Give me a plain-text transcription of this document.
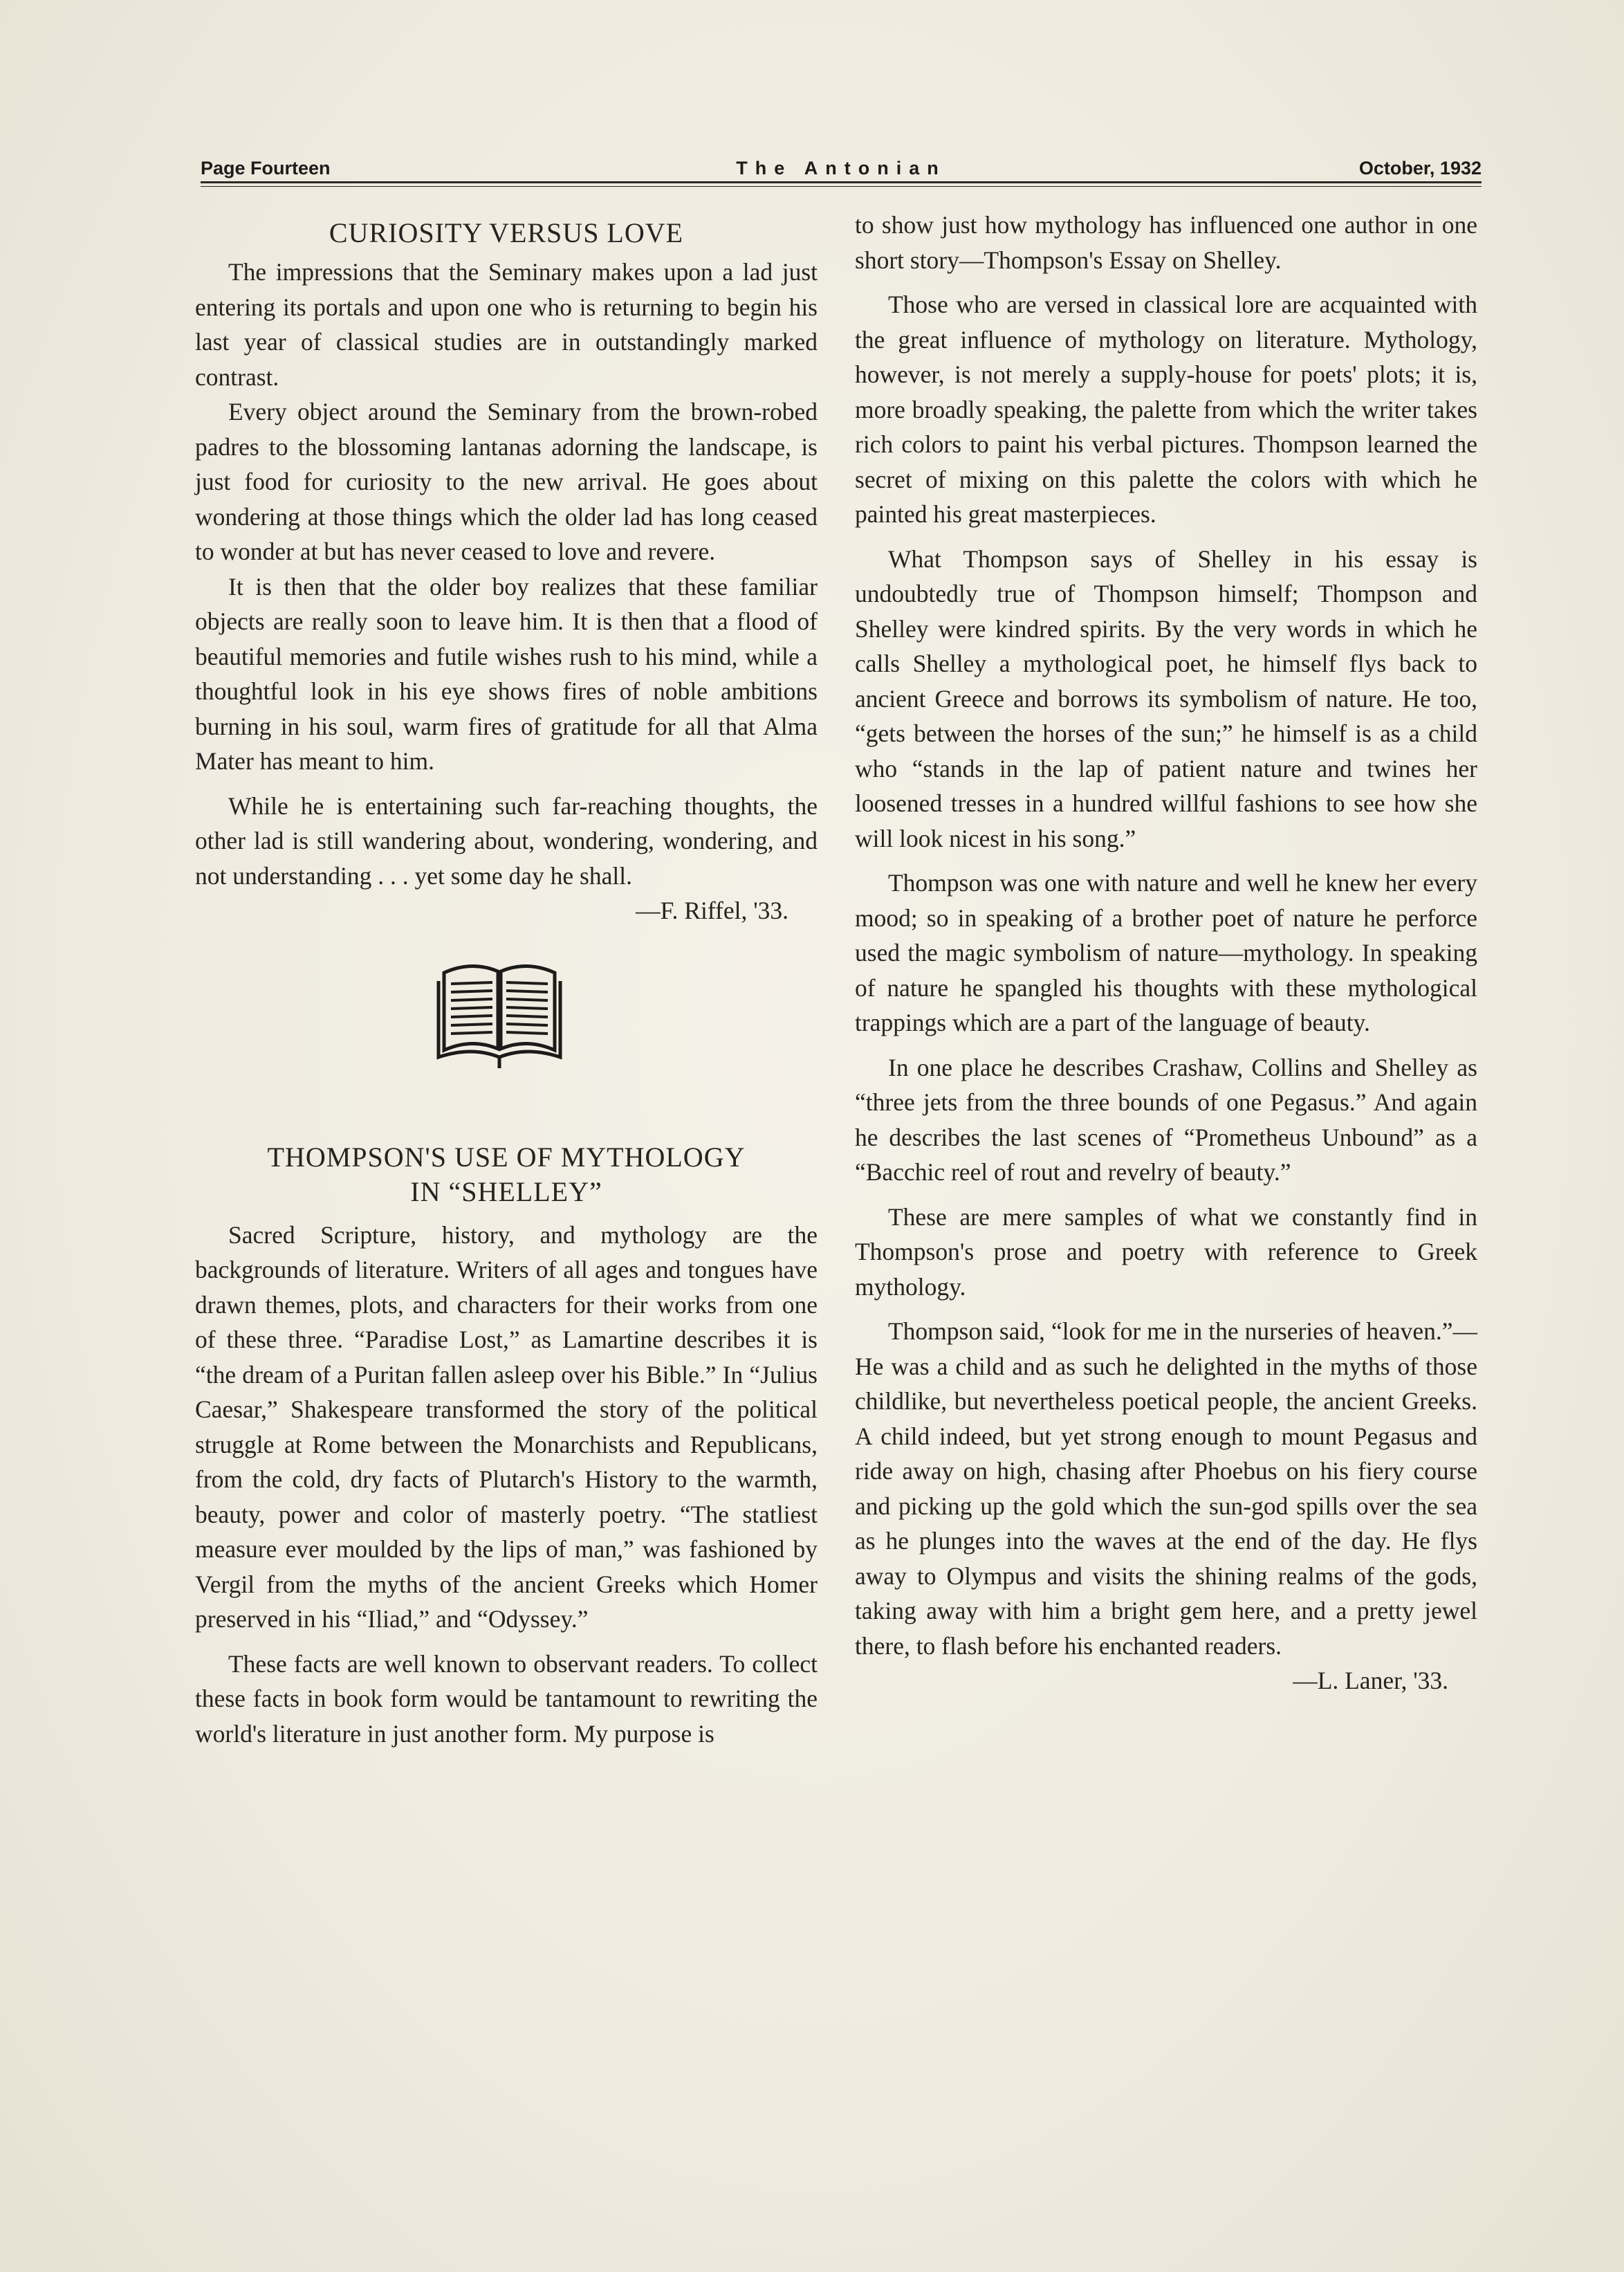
Page Fourteen	The Antonian	October, 1932
CURIOSITY VERSUS LOVE

The impressions that the Seminary makes upon a lad just entering its portals and upon one who is returning to begin his last year of classical studies are in outstandingly marked contrast.

Every object around the Seminary from the brown-robed padres to the blossoming lantanas adorning the landscape, is just food for curiosity to the new arrival. He goes about wondering at those things which the older lad has long ceased to wonder at but has never ceased to love and revere.

It is then that the older boy realizes that these familiar objects are really soon to leave him. It is then that a flood of beautiful memories and futile wishes rush to his mind, while a thoughtful look in his eye shows fires of noble ambitions burning in his soul, warm fires of gratitude for all that Alma Mater has meant to him.

While he is entertaining such far-reaching thoughts, the other lad is still wandering about, wondering, wondering, and not understanding . . . yet some day he shall.

—F. Riffel, '33.
THOMPSON'S USE OF MYTHOLOGY
IN “SHELLEY”

Sacred Scripture, history, and mythology are the backgrounds of literature. Writers of all ages and tongues have drawn themes, plots, and characters for their works from one of these three. “Paradise Lost,” as Lamartine describes it is “the dream of a Puritan fallen asleep over his Bible.” In “Julius Caesar,” Shakespeare transformed the story of the political struggle at Rome between the Monarchists and Republicans, from the cold, dry facts of Plutarch's History to the warmth, beauty, power and color of masterly poetry. “The statliest measure ever moulded by the lips of man,” was fashioned by Vergil from the myths of the ancient Greeks which Homer preserved in his “Iliad,” and “Odyssey.”

These facts are well known to observant readers. To collect these facts in book form would be tantamount to rewriting the world's literature in just another form. My purpose is

to show just how mythology has influenced one author in one short story—Thompson's Essay on Shelley.

Those who are versed in classical lore are acquainted with the great influence of mythology on literature. Mythology, however, is not merely a supply-house for poets' plots; it is, more broadly speaking, the palette from which the writer takes rich colors to paint his verbal pictures. Thompson learned the secret of mixing on this palette the colors with which he painted his great masterpieces.

What Thompson says of Shelley in his essay is undoubtedly true of Thompson himself; Thompson and Shelley were kindred spirits. By the very words in which he calls Shelley a mythological poet, he himself flys back to ancient Greece and borrows its symbolism of nature. He too, “gets between the horses of the sun;” he himself is as a child who “stands in the lap of patient nature and twines her loosened tresses in a hundred willful fashions to see how she will look nicest in his song.”

Thompson was one with nature and well he knew her every mood; so in speaking of a brother poet of nature he perforce used the magic symbolism of nature—mythology. In speaking of nature he spangled his thoughts with these mythological trappings which are a part of the language of beauty.

In one place he describes Crashaw, Collins and Shelley as “three jets from the three bounds of one Pegasus.” And again he describes the last scenes of “Prometheus Unbound” as a “Bacchic reel of rout and revelry of beauty.”

These are mere samples of what we constantly find in Thompson's prose and poetry with reference to Greek mythology.

Thompson said, “look for me in the nurseries of heaven.”—He was a child and as such he delighted in the myths of those childlike, but nevertheless poetical people, the ancient Greeks. A child indeed, but yet strong enough to mount Pegasus and ride away on high, chasing after Phoebus on his fiery course and picking up the gold which the sun-god spills over the sea as he plunges into the waves at the end of the day. He flys away to Olympus and visits the shining realms of the gods, taking away with him a bright gem here, and a pretty jewel there, to flash before his enchanted readers.

—L. Laner, '33.
